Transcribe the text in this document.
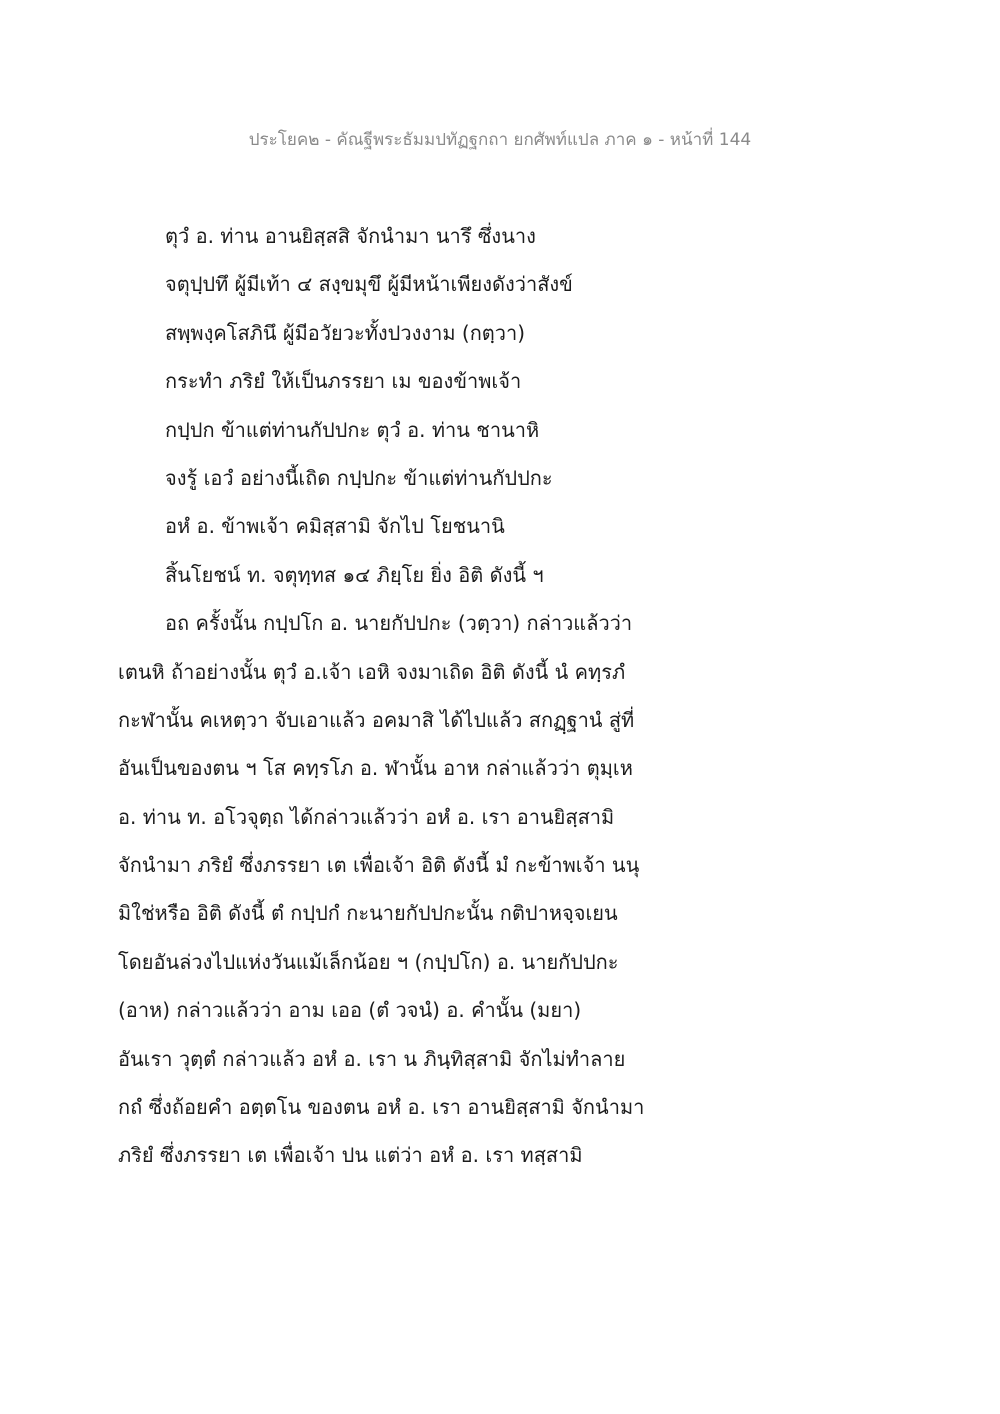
ประโยค๒ - คัณฐีพระธัมมปทัฏฐกถา ยกศัพท์แปล ภาค ๑ - หน้าที่ 144
ตุวํ อ. ท่าน อานยิสฺสสิ จักนำมา นารึ ซึ่งนาง
จตุปฺปทึ ผู้มีเท้า ๔ สงฺขมุขึ ผู้มีหน้าเพียงดังว่าสังข์
สพฺพงฺคโสภินึ ผู้มีอวัยวะทั้งปวงงาม (กตฺวา)
กระทำ ภริยํ ให้เป็นภรรยา เม ของข้าพเจ้า
กปฺปก ข้าแต่ท่านกัปปกะ ตุวํ อ. ท่าน ชานาหิ
จงรู้ เอวํ อย่างนี้เถิด กปฺปกะ ข้าแต่ท่านกัปปกะ
อหํ อ. ข้าพเจ้า คมิสฺสามิ จักไป โยชนานิ
สิ้นโยชน์ ท. จตุทฺทส ๑๔ ภิยฺโย ยิ่ง อิติ ดังนี้ ฯ
อถ ครั้งนั้น กปฺปโก อ. นายกัปปกะ (วตฺวา) กล่าวแล้วว่า
เตนหิ ถ้าอย่างนั้น ตุวํ อ.เจ้า เอหิ จงมาเถิด อิติ ดังนี้ นํ คทฺรภํ
กะฬานั้น คเหตฺวา จับเอาแล้ว อคมาสิ ได้ไปแล้ว สกฏฺฐานํ สู่ที่
อันเป็นของตน ฯ โส คทฺรโภ อ. ฬานั้น อาห กล่าแล้วว่า ตุมฺเห
อ. ท่าน ท. อโวจุตฺถ ได้กล่าวแล้วว่า อหํ อ. เรา อานยิสฺสามิ
จักนำมา ภริยํ ซึ่งภรรยา เต เพื่อเจ้า อิติ ดังนี้ มํ กะข้าพเจ้า นนุ
มิใช่หรือ อิติ ดังนี้ ตํ กปฺปกํ กะนายกัปปกะนั้น กติปาหจฺจเยน
โดยอันล่วงไปแห่งวันแม้เล็กน้อย ฯ (กปฺปโก) อ. นายกัปปกะ
(อาห) กล่าวแล้วว่า อาม เออ (ตํ วจนํ) อ. คำนั้น (มยา)
อันเรา วุตฺตํ กล่าวแล้ว อหํ อ. เรา น ภินฺทิสฺสามิ จักไม่ทำลาย
กถํ ซึ่งถ้อยคำ อตฺตโน ของตน อหํ อ. เรา อานยิสฺสามิ จักนำมา
ภริยํ ซึ่งภรรยา เต เพื่อเจ้า ปน แต่ว่า อหํ อ. เรา ทสฺสามิ
